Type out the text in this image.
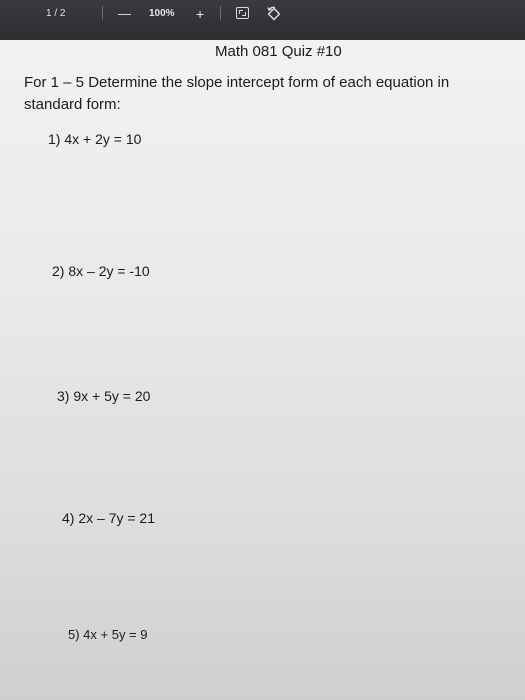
1 / 2	— 100% +
Math 081 Quiz #10
For 1 – 5 Determine the slope intercept form of each equation in standard form:
1) 4x + 2y = 10
2) 8x – 2y = -10
3) 9x + 5y = 20
4) 2x – 7y = 21
5) 4x + 5y = 9
